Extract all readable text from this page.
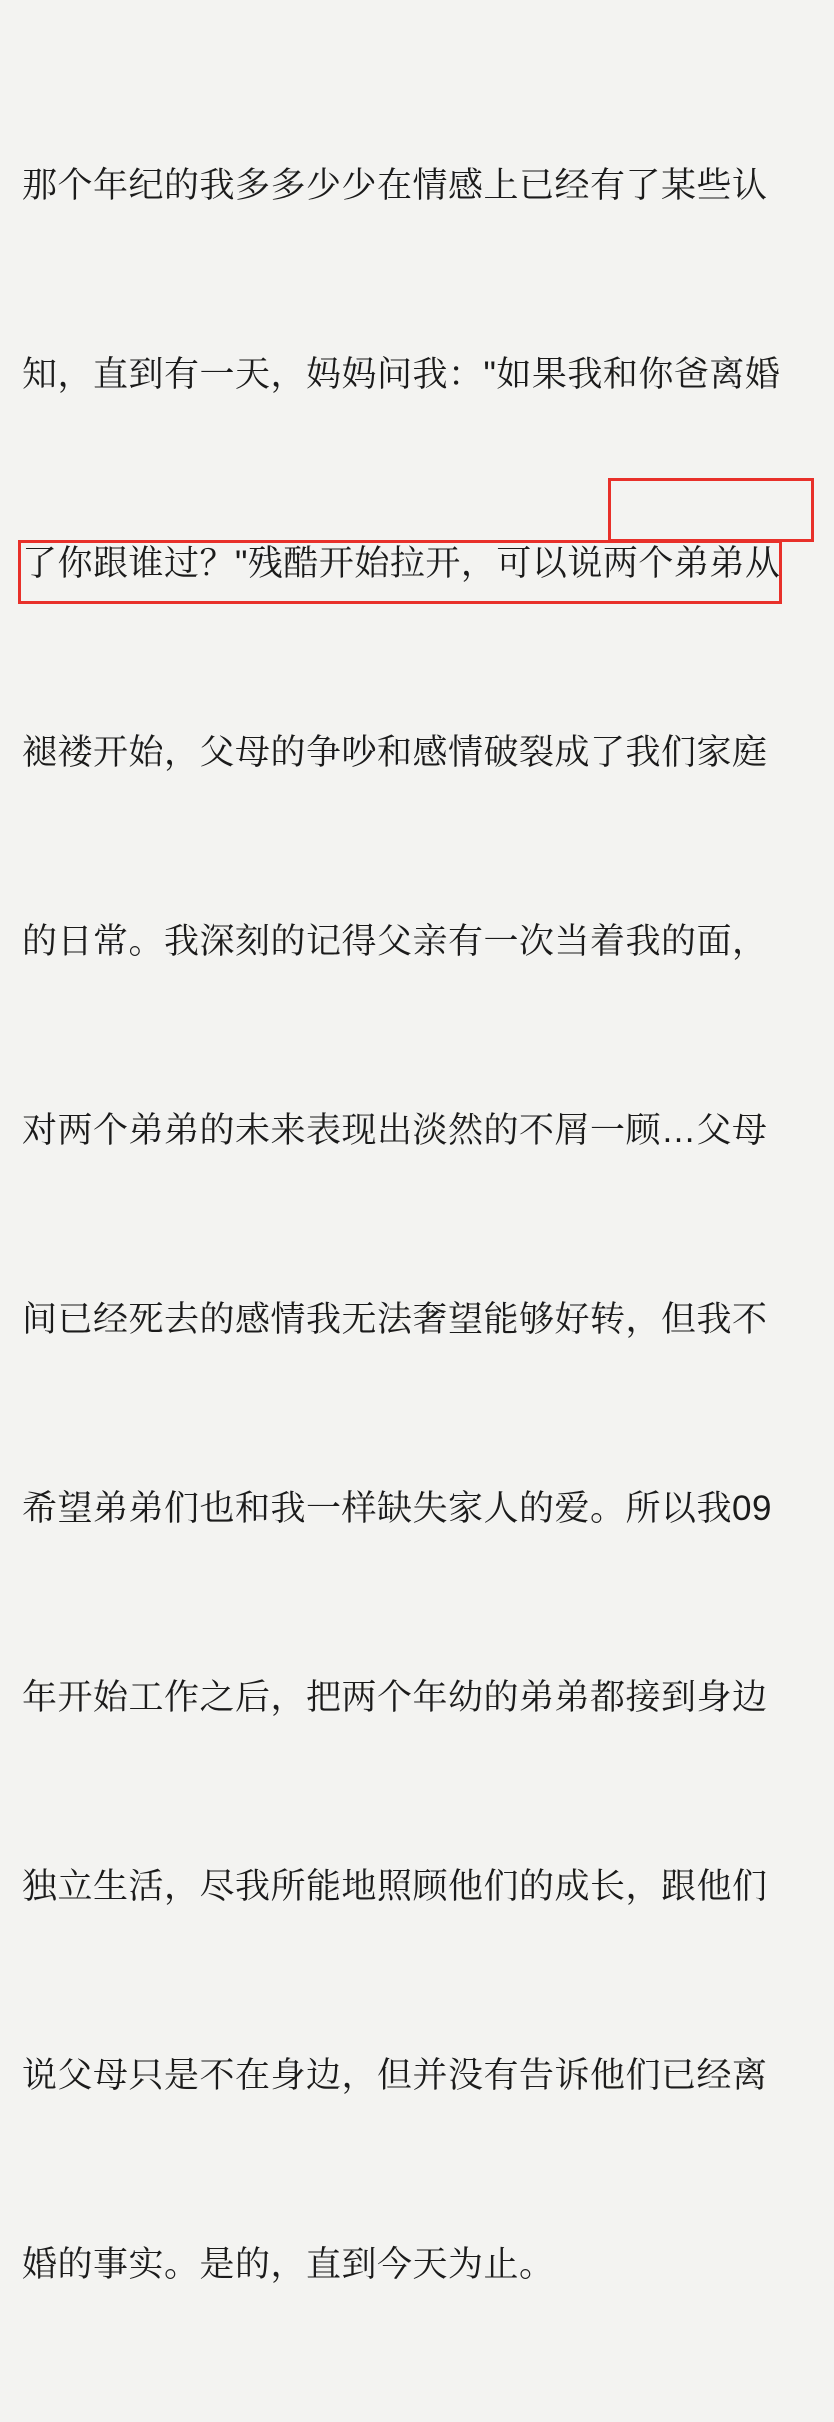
那个年纪的我多多少少在情感上已经有了某些认

知，直到有一天，妈妈问我："如果我和你爸离婚

了你跟谁过？"残酷开始拉开，可以说两个弟弟从

褪褛开始，父母的争吵和感情破裂成了我们家庭

的日常。我深刻的记得父亲有一次当着我的面，

对两个弟弟的未来表现出淡然的不屑一顾…父母

间已经死去的感情我无法奢望能够好转，但我不

希望弟弟们也和我一样缺失家人的爱。所以我09

年开始工作之后，把两个年幼的弟弟都接到身边

独立生活，尽我所能地照顾他们的成长，跟他们

说父母只是不在身边，但并没有告诉他们已经离

婚的事实。是的，直到今天为止。
